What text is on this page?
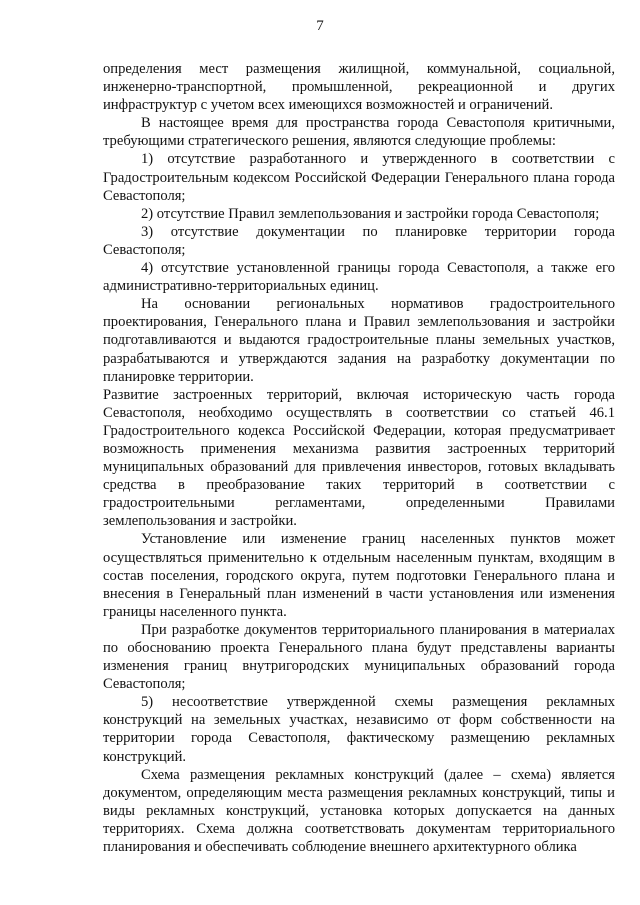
7

определения мест размещения жилищной, коммунальной, социальной, инженерно-транспортной, промышленной, рекреационной и других инфраструктур с учетом всех имеющихся возможностей и ограничений.

В настоящее время для пространства города Севастополя критичными, требующими стратегического решения, являются следующие проблемы:

1) отсутствие разработанного и утвержденного в соответствии с Градостроительным кодексом Российской Федерации Генерального плана города Севастополя;

2) отсутствие Правил землепользования и застройки города Севастополя;

3) отсутствие документации по планировке территории города Севастополя;

4) отсутствие установленной границы города Севастополя, а также его административно-территориальных единиц.

На основании региональных нормативов градостроительного проектирования, Генерального плана и Правил землепользования и застройки подготавливаются и выдаются градостроительные планы земельных участков, разрабатываются и утверждаются задания на разработку документации по планировке территории.

Развитие застроенных территорий, включая историческую часть города Севастополя, необходимо осуществлять в соответствии со статьей 46.1 Градостроительного кодекса Российской Федерации, которая предусматривает возможность применения механизма развития застроенных территорий муниципальных образований для привлечения инвесторов, готовых вкладывать средства в преобразование таких территорий в соответствии с градостроительными регламентами, определенными Правилами землепользования и застройки.

Установление или изменение границ населенных пунктов может осуществляться применительно к отдельным населенным пунктам, входящим в состав поселения, городского округа, путем подготовки Генерального плана и внесения в Генеральный план изменений в части установления или изменения границы населенного пункта.

При разработке документов территориального планирования в материалах по обоснованию проекта Генерального плана будут представлены варианты изменения границ внутригородских муниципальных образований города Севастополя;

5) несоответствие утвержденной схемы размещения рекламных конструкций на земельных участках, независимо от форм собственности на территории города Севастополя, фактическому размещению рекламных конструкций.

Схема размещения рекламных конструкций (далее – схема) является документом, определяющим места размещения рекламных конструкций, типы и виды рекламных конструкций, установка которых допускается на данных территориях. Схема должна соответствовать документам территориального планирования и обеспечивать соблюдение внешнего архитектурного облика
